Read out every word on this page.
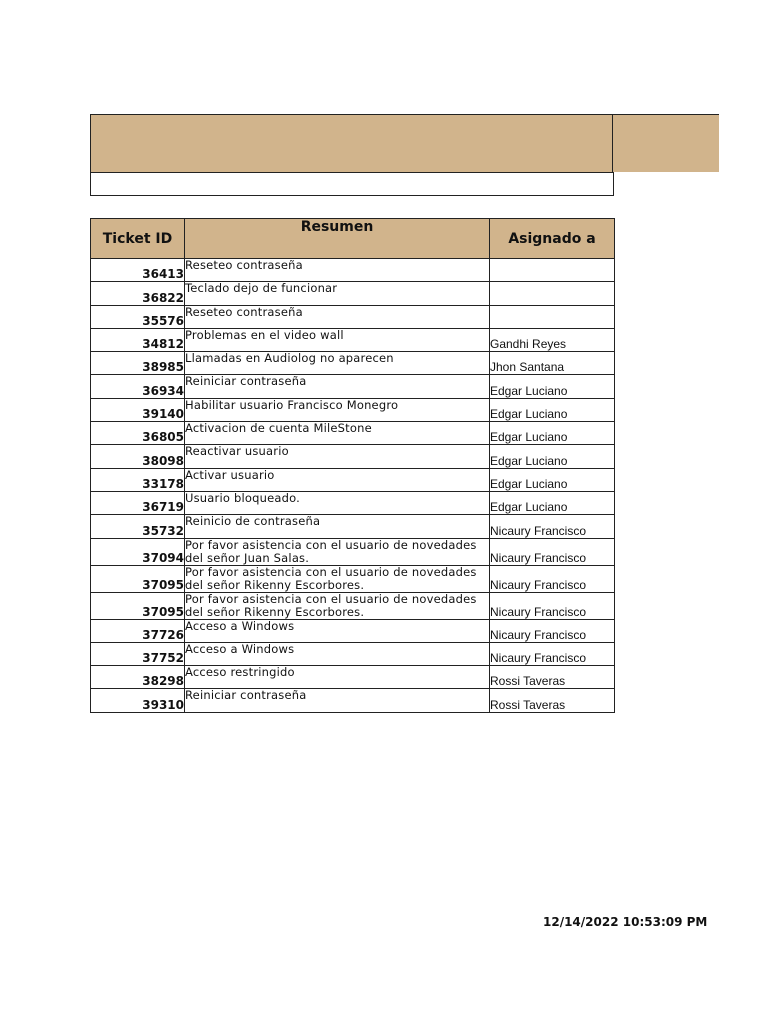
Ticket ID	Resumen	Asignado a
36413	Reseteo contraseña	

36822	Teclado dejo de funcionar	

35576	Reseteo contraseña	

34812	Problemas en el video wall	Gandhi Reyes
38985	Llamadas en Audiolog no aparecen	Jhon Santana
36934	Reiniciar contraseña	Edgar Luciano
39140	Habilitar usuario Francisco Monegro	Edgar Luciano
36805	Activacion de cuenta MileStone	Edgar Luciano
38098	Reactivar usuario	Edgar Luciano
33178	Activar usuario	Edgar Luciano
36719	Usuario bloqueado.	Edgar Luciano
35732	Reinicio de contraseña	Nicaury Francisco
37094	Por favor asistencia con el usuario de novedades del señor Juan Salas.	Nicaury Francisco
37095	Por favor asistencia con el usuario de novedades del señor Rikenny Escorbores.	Nicaury Francisco
37095	Por favor asistencia con el usuario de novedades del señor Rikenny Escorbores.	Nicaury Francisco
37726	Acceso a Windows	Nicaury Francisco
37752	Acceso a Windows	Nicaury Francisco
38298	Acceso restringido	Rossi Taveras
39310	Reiniciar contraseña	Rossi Taveras
12/14/2022 10:53:09 PM
